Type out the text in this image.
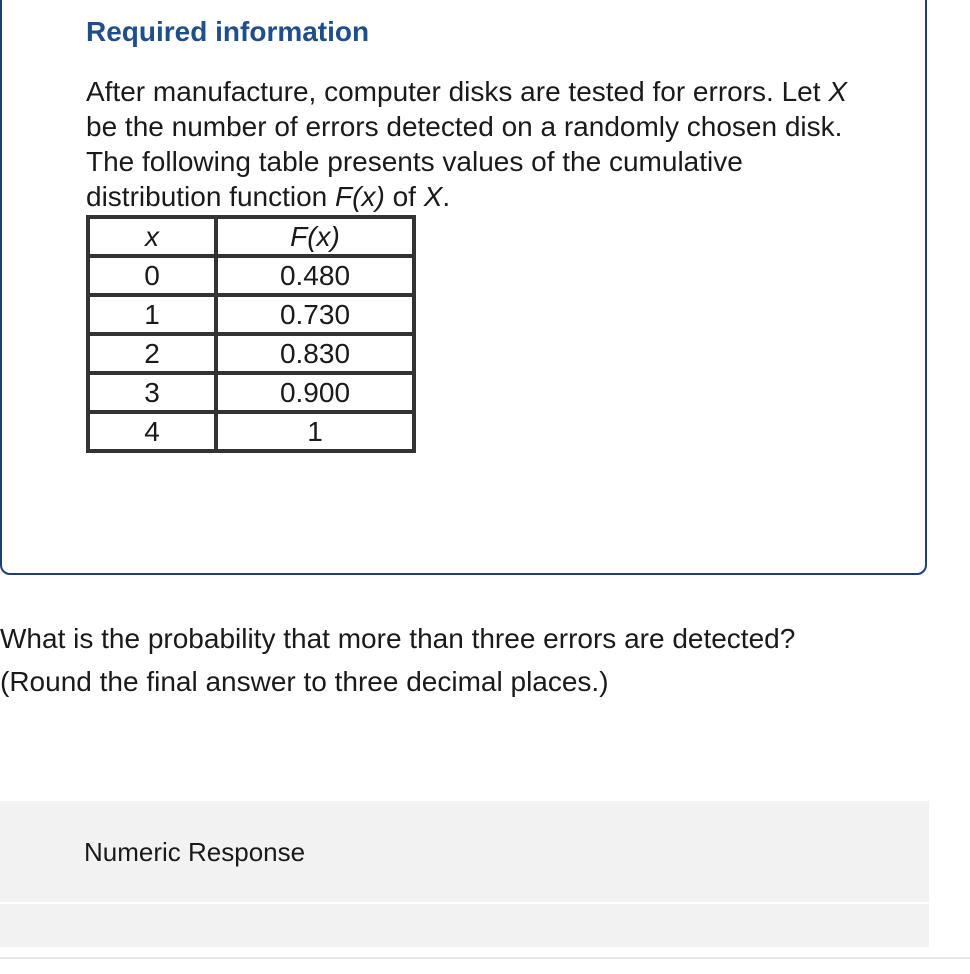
Required information

After manufacture, computer disks are tested for errors. Let X be the number of errors detected on a randomly chosen disk. The following table presents values of the cumulative distribution function F(x) of X.

x	F(x)
0	0.480
1	0.730
2	0.830
3	0.900
4	1

What is the probability that more than three errors are detected?
(Round the final answer to three decimal places.)

Numeric Response
